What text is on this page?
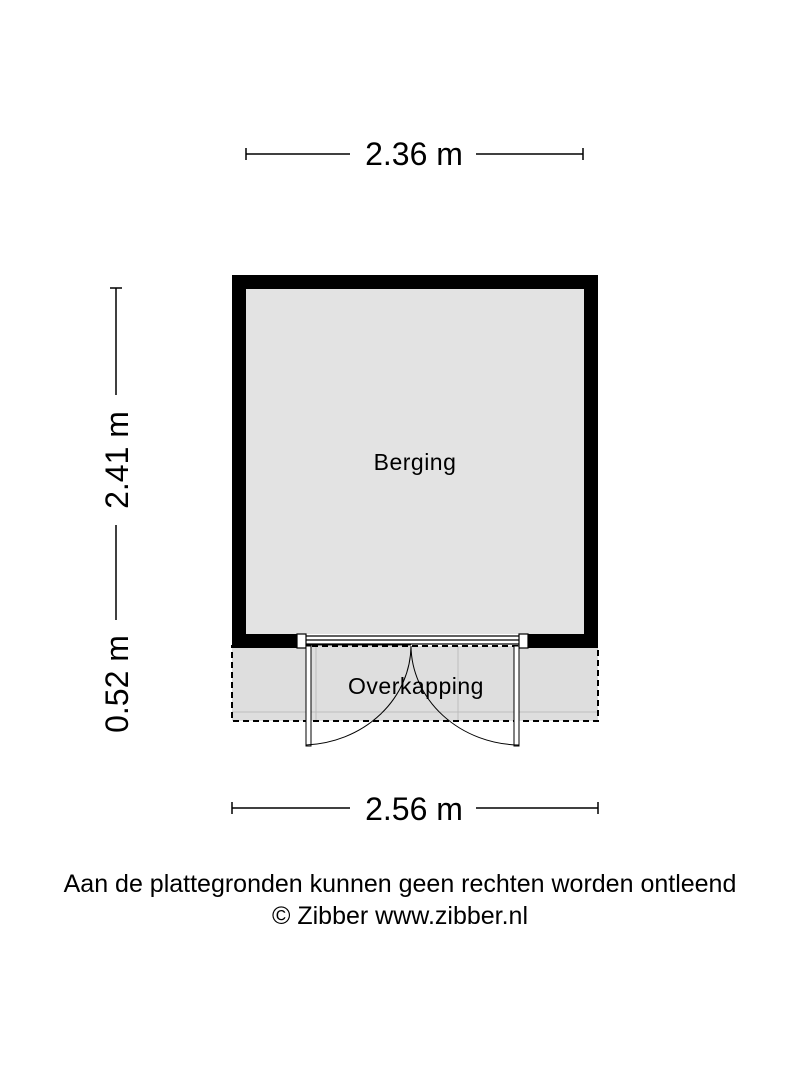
2.36 m
2.41 m
0.52 m
Berging
Overkapping
2.56 m
Aan de plattegronden kunnen geen rechten worden ontleend
© Zibber www.zibber.nl
